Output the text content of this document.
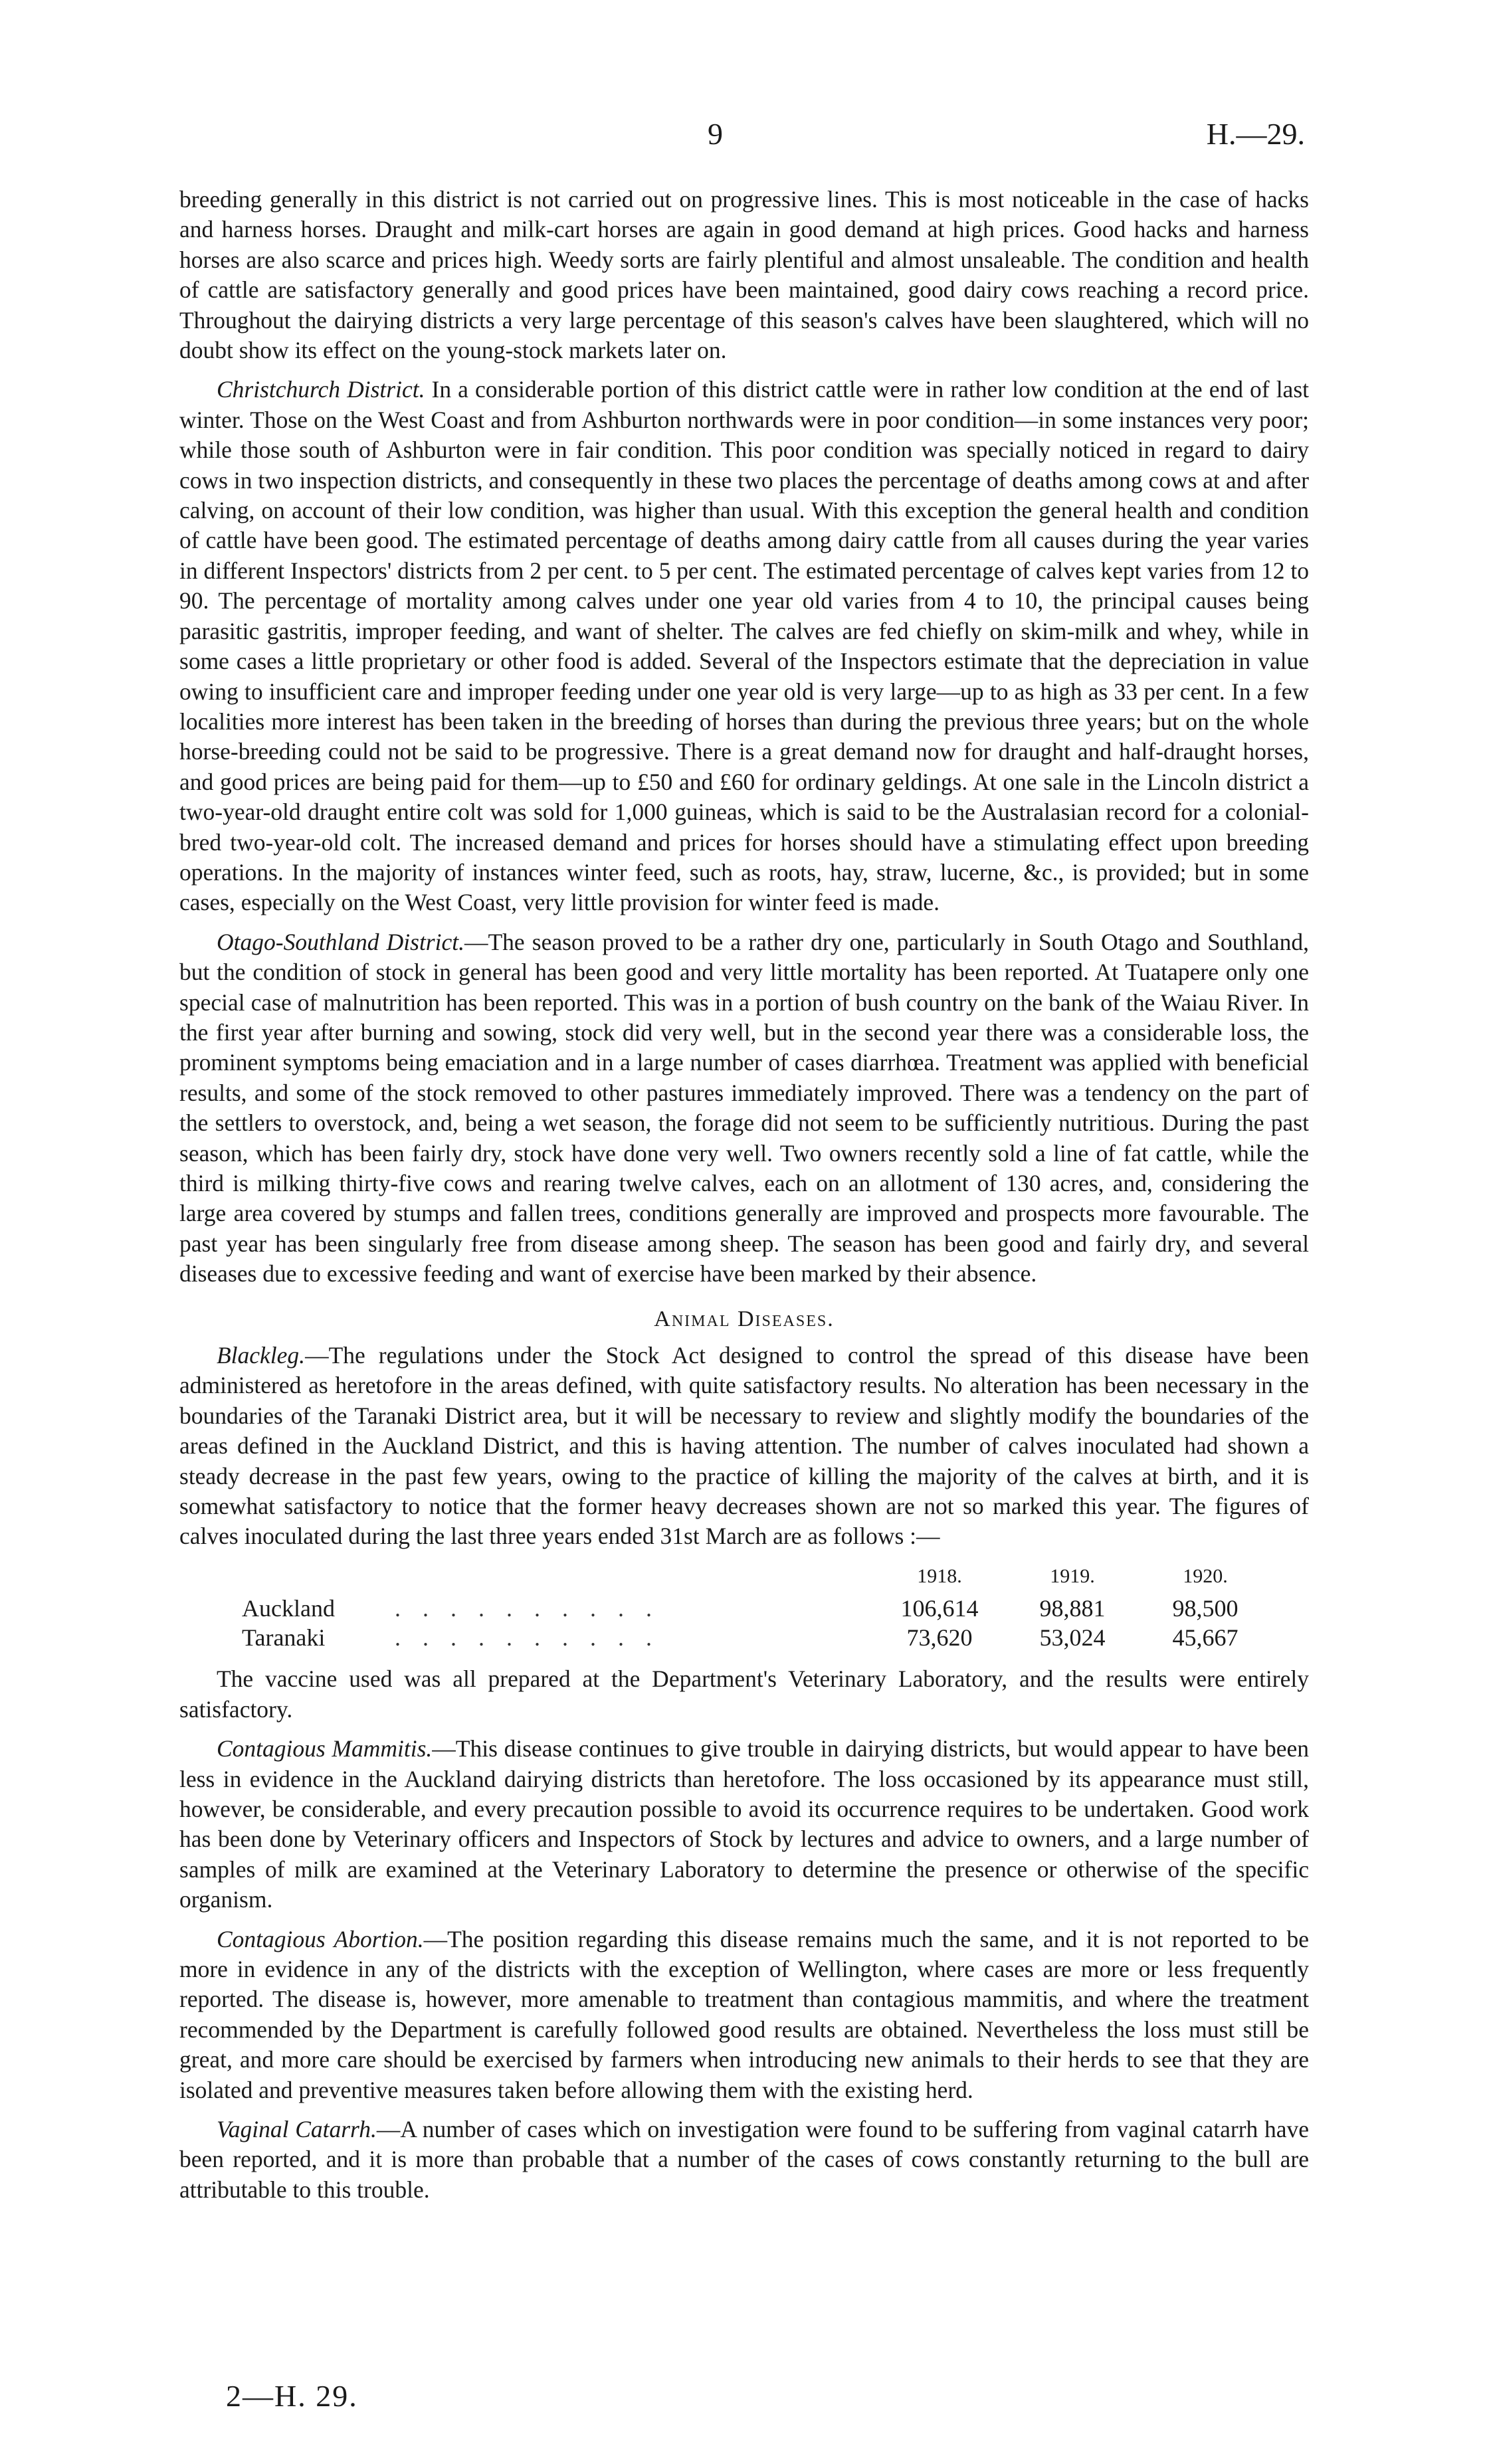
9	H.—29.

breeding generally in this district is not carried out on progressive lines. This is most noticeable in the case of hacks and harness horses. Draught and milk-cart horses are again in good demand at high prices. Good hacks and harness horses are also scarce and prices high. Weedy sorts are fairly plentiful and almost unsaleable. The condition and health of cattle are satisfactory generally and good prices have been maintained, good dairy cows reaching a record price. Throughout the dairying districts a very large percentage of this season's calves have been slaughtered, which will no doubt show its effect on the young-stock markets later on.

Christchurch District. In a considerable portion of this district cattle were in rather low condition at the end of last winter. Those on the West Coast and from Ashburton northwards were in poor condition—in some instances very poor; while those south of Ashburton were in fair condition. This poor condition was specially noticed in regard to dairy cows in two inspection districts, and consequently in these two places the percentage of deaths among cows at and after calving, on account of their low condition, was higher than usual. With this exception the general health and condition of cattle have been good. The estimated percentage of deaths among dairy cattle from all causes during the year varies in different Inspectors' districts from 2 per cent. to 5 per cent. The estimated percentage of calves kept varies from 12 to 90. The percentage of mortality among calves under one year old varies from 4 to 10, the principal causes being parasitic gastritis, improper feeding, and want of shelter. The calves are fed chiefly on skim-milk and whey, while in some cases a little proprietary or other food is added. Several of the Inspectors estimate that the depreciation in value owing to insufficient care and improper feeding under one year old is very large—up to as high as 33 per cent. In a few localities more interest has been taken in the breeding of horses than during the previous three years; but on the whole horse-breeding could not be said to be progressive. There is a great demand now for draught and half-draught horses, and good prices are being paid for them—up to £50 and £60 for ordinary geldings. At one sale in the Lincoln district a two-year-old draught entire colt was sold for 1,000 guineas, which is said to be the Australasian record for a colonial-bred two-year-old colt. The increased demand and prices for horses should have a stimulating effect upon breeding operations. In the majority of instances winter feed, such as roots, hay, straw, lucerne, &c., is provided; but in some cases, especially on the West Coast, very little provision for winter feed is made.

Otago-Southland District.—The season proved to be a rather dry one, particularly in South Otago and Southland, but the condition of stock in general has been good and very little mortality has been reported. At Tuatapere only one special case of malnutrition has been reported. This was in a portion of bush country on the bank of the Waiau River. In the first year after burning and sowing, stock did very well, but in the second year there was a considerable loss, the prominent symptoms being emaciation and in a large number of cases diarrhœa. Treatment was applied with beneficial results, and some of the stock removed to other pastures immediately improved. There was a tendency on the part of the settlers to overstock, and, being a wet season, the forage did not seem to be sufficiently nutritious. During the past season, which has been fairly dry, stock have done very well. Two owners recently sold a line of fat cattle, while the third is milking thirty-five cows and rearing twelve calves, each on an allotment of 130 acres, and, considering the large area covered by stumps and fallen trees, conditions generally are improved and prospects more favourable. The past year has been singularly free from disease among sheep. The season has been good and fairly dry, and several diseases due to excessive feeding and want of exercise have been marked by their absence.

Animal Diseases.

Blackleg.—The regulations under the Stock Act designed to control the spread of this disease have been administered as heretofore in the areas defined, with quite satisfactory results. No alteration has been necessary in the boundaries of the Taranaki District area, but it will be necessary to review and slightly modify the boundaries of the areas defined in the Auckland District, and this is having attention. The number of calves inoculated had shown a steady decrease in the past few years, owing to the practice of killing the majority of the calves at birth, and it is somewhat satisfactory to notice that the former heavy decreases shown are not so marked this year. The figures of calves inoculated during the last three years ended 31st March are as follows :—

		1918.	1919.	1920.
Auckland	. . . . . . . . . .	106,614	98,881	98,500
Taranaki	. . . . . . . . . .	73,620	53,024	45,667

The vaccine used was all prepared at the Department's Veterinary Laboratory, and the results were entirely satisfactory.

Contagious Mammitis.—This disease continues to give trouble in dairying districts, but would appear to have been less in evidence in the Auckland dairying districts than heretofore. The loss occasioned by its appearance must still, however, be considerable, and every precaution possible to avoid its occurrence requires to be undertaken. Good work has been done by Veterinary officers and Inspectors of Stock by lectures and advice to owners, and a large number of samples of milk are examined at the Veterinary Laboratory to determine the presence or otherwise of the specific organism.

Contagious Abortion.—The position regarding this disease remains much the same, and it is not reported to be more in evidence in any of the districts with the exception of Wellington, where cases are more or less frequently reported. The disease is, however, more amenable to treatment than contagious mammitis, and where the treatment recommended by the Department is carefully followed good results are obtained. Nevertheless the loss must still be great, and more care should be exercised by farmers when introducing new animals to their herds to see that they are isolated and preventive measures taken before allowing them with the existing herd.

Vaginal Catarrh.—A number of cases which on investigation were found to be suffering from vaginal catarrh have been reported, and it is more than probable that a number of the cases of cows constantly returning to the bull are attributable to this trouble.

2—H. 29.
